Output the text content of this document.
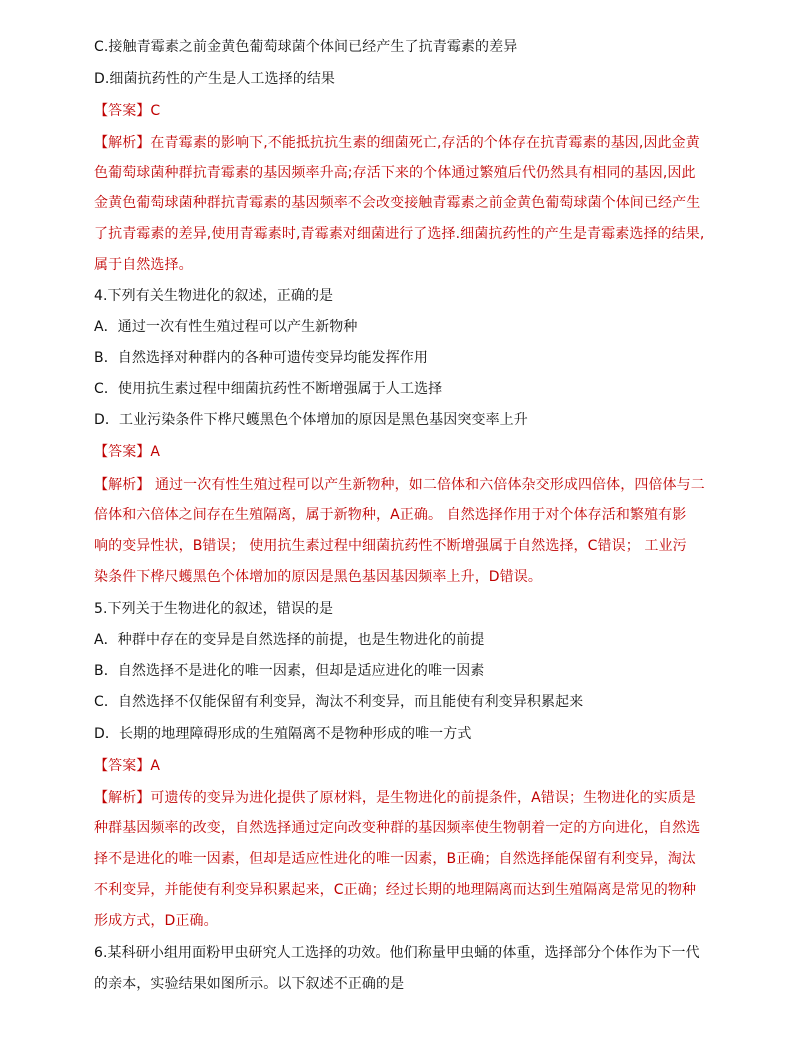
C.接触青霉素之前金黄色葡萄球菌个体间已经产生了抗青霉素的差异
D.细菌抗药性的产生是人工选择的结果
【答案】C
【解析】在青霉素的影响下,不能抵抗抗生素的细菌死亡,存活的个体存在抗青霉素的基因,因此金黄
色葡萄球菌种群抗青霉素的基因频率升高;存活下来的个体通过繁殖后代仍然具有相同的基因,因此
金黄色葡萄球菌种群抗青霉素的基因频率不会改变接触青霉素之前金黄色葡萄球菌个体间已经产生
了抗青霉素的差异,使用青霉素时,青霉素对细菌进行了选择.细菌抗药性的产生是青霉素选择的结果,
属于自然选择。
4.下列有关生物进化的叙述，正确的是
A．通过一次有性生殖过程可以产生新物种
B．自然选择对种群内的各种可遗传变异均能发挥作用
C．使用抗生素过程中细菌抗药性不断增强属于人工选择
D．工业污染条件下桦尺蠖黑色个体增加的原因是黑色基因突变率上升
【答案】A
【解析】 通过一次有性生殖过程可以产生新物种，如二倍体和六倍体杂交形成四倍体，四倍体与二
倍体和六倍体之间存在生殖隔离，属于新物种，A正确。 自然选择作用于对个体存活和繁殖有影
响的变异性状，B错误； 使用抗生素过程中细菌抗药性不断增强属于自然选择，C错误； 工业污
染条件下桦尺蠖黑色个体增加的原因是黑色基因基因频率上升，D错误。
5.下列关于生物进化的叙述，错误的是
A．种群中存在的变异是自然选择的前提，也是生物进化的前提
B．自然选择不是进化的唯一因素，但却是适应进化的唯一因素
C．自然选择不仅能保留有利变异，淘汰不利变异，而且能使有利变异积累起来
D．长期的地理障碍形成的生殖隔离不是物种形成的唯一方式
【答案】A
【解析】可遗传的变异为进化提供了原材料，是生物进化的前提条件，A错误；生物进化的实质是
种群基因频率的改变，自然选择通过定向改变种群的基因频率使生物朝着一定的方向进化，自然选
择不是进化的唯一因素，但却是适应性进化的唯一因素，B正确；自然选择能保留有利变异，淘汰
不利变异，并能使有利变异积累起来，C正确；经过长期的地理隔离而达到生殖隔离是常见的物种
形成方式，D正确。
6.某科研小组用面粉甲虫研究人工选择的功效。他们称量甲虫蛹的体重，选择部分个体作为下一代
的亲本，实验结果如图所示。以下叙述不正确的是
